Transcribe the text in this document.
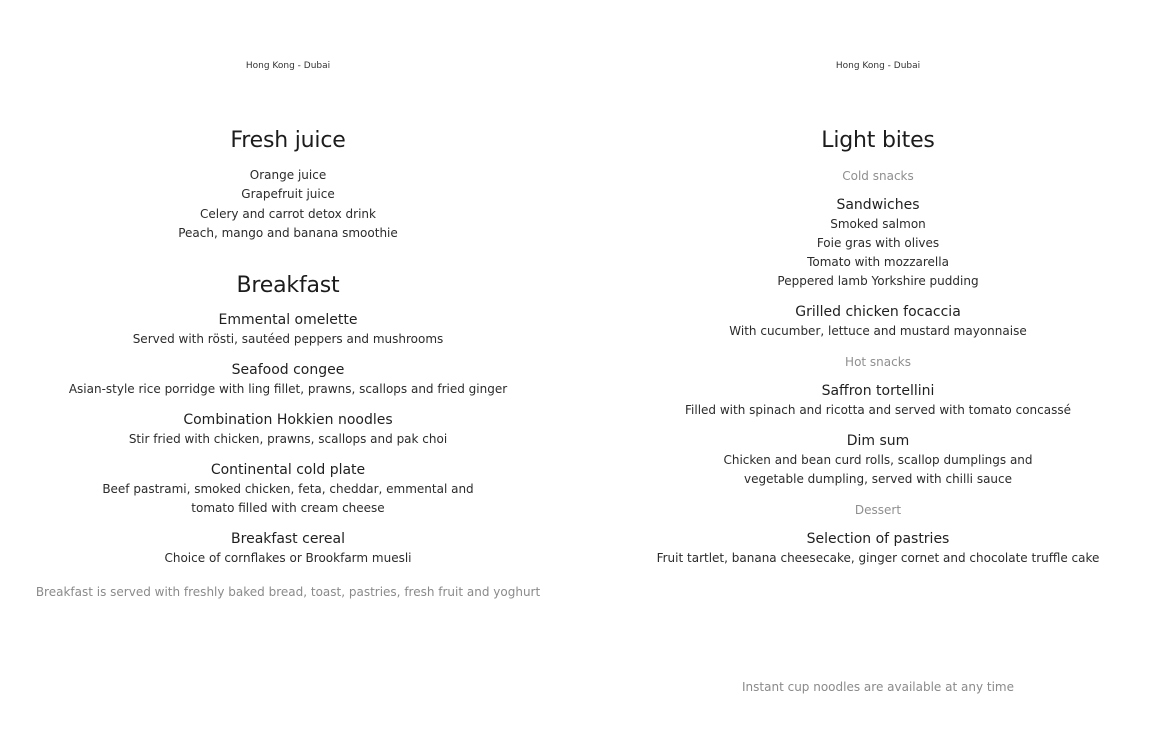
Hong Kong - Dubai
Fresh juice
Orange juice
Grapefruit juice
Celery and carrot detox drink
Peach, mango and banana smoothie
Breakfast
Emmental omelette
Served with rösti, sautéed peppers and mushrooms
Seafood congee
Asian-style rice porridge with ling fillet, prawns, scallops and fried ginger
Combination Hokkien noodles
Stir fried with chicken, prawns, scallops and pak choi
Continental cold plate
Beef pastrami, smoked chicken, feta, cheddar, emmental and
tomato filled with cream cheese
Breakfast cereal
Choice of cornflakes or Brookfarm muesli
Breakfast is served with freshly baked bread, toast, pastries, fresh fruit and yoghurt
Hong Kong - Dubai
Light bites
Cold snacks
Sandwiches
Smoked salmon
Foie gras with olives
Tomato with mozzarella
Peppered lamb Yorkshire pudding
Grilled chicken focaccia
With cucumber, lettuce and mustard mayonnaise
Hot snacks
Saffron tortellini
Filled with spinach and ricotta and served with tomato concassé
Dim sum
Chicken and bean curd rolls, scallop dumplings and
vegetable dumpling, served with chilli sauce
Dessert
Selection of pastries
Fruit tartlet, banana cheesecake, ginger cornet and chocolate truffle cake
Instant cup noodles are available at any time
